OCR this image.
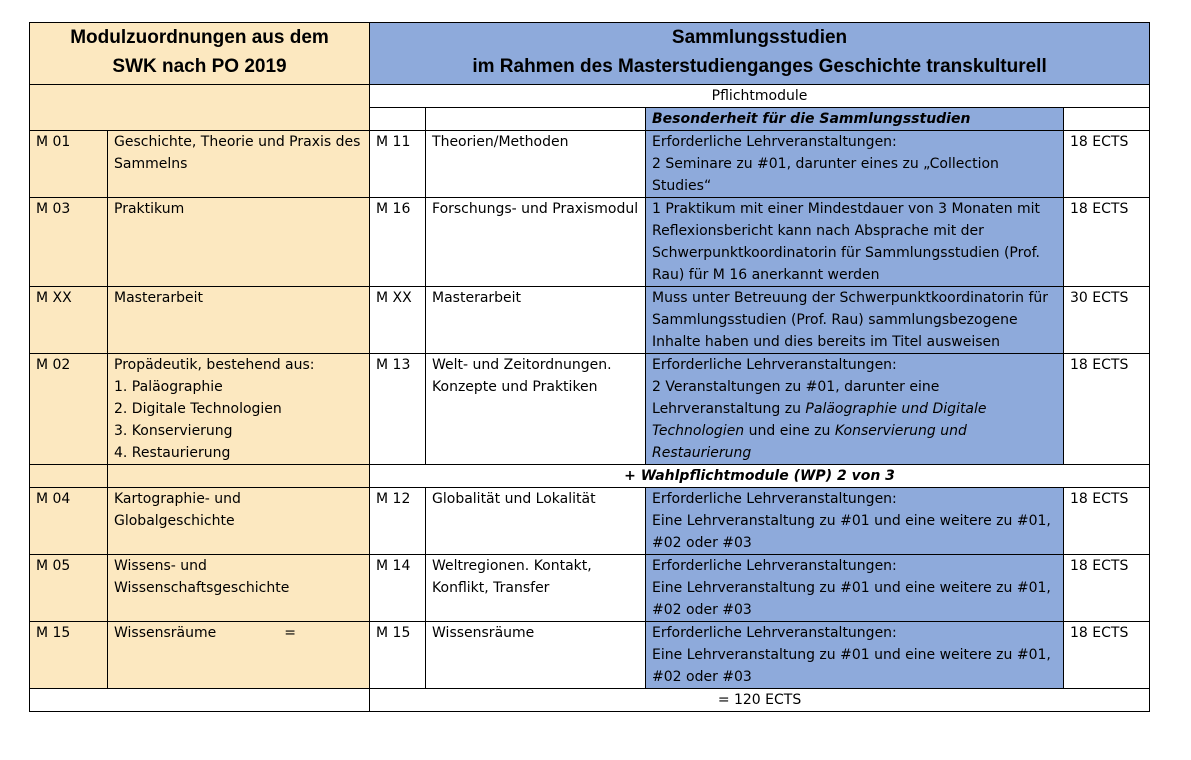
Modulzuordnungen aus dem
SWK nach PO 2019		Sammlungsstudien
im Rahmen des Masterstudienganges Geschichte transkulturell			

		Pflichtmodule			
				Besonderheit für die Sammlungsstudien	
M 01	Geschichte, Theorie und Praxis des Sammelns	M 11	Theorien/Methoden	Erforderliche Lehrveranstaltungen:
2 Seminare zu #01, darunter eines zu „Collection Studies“	18 ECTS
M 03	Praktikum	M 16	Forschungs- und Praxismodul	1 Praktikum mit einer Mindestdauer von 3 Monaten mit Reflexionsbericht kann nach Absprache mit der Schwerpunktkoordinatorin für Sammlungsstudien (Prof. Rau) für M 16 anerkannt werden	18 ECTS
M XX	Masterarbeit	M XX	Masterarbeit	Muss unter Betreuung der Schwerpunktkoordinatorin für Sammlungsstudien (Prof. Rau) sammlungsbezogene Inhalte haben und dies bereits im Titel ausweisen	30 ECTS
M 02	Propädeutik, bestehend aus:
1. Paläographie
2. Digitale Technologien
3. Konservierung
4. Restaurierung	M 13	Welt- und Zeitordnungen. Konzepte und Praktiken	Erforderliche Lehrveranstaltungen:
2 Veranstaltungen zu #01, darunter eine Lehrveranstaltung zu Paläographie und Digitale Technologien und eine zu Konservierung und Restaurierung	18 ECTS
		+ Wahlpflichtmodule (WP) 2 von 3			
M 04	Kartographie- und Globalgeschichte	M 12	Globalität und Lokalität	Erforderliche Lehrveranstaltungen:
Eine Lehrveranstaltung zu #01 und eine weitere zu #01, #02 oder #03	18 ECTS
M 05	Wissens- und Wissenschaftsgeschichte	M 14	Weltregionen. Kontakt, Konflikt, Transfer	Erforderliche Lehrveranstaltungen:
Eine Lehrveranstaltung zu #01 und eine weitere zu #01, #02 oder #03	18 ECTS
M 15	Wissensräume =	M 15	Wissensräume	Erforderliche Lehrveranstaltungen:
Eine Lehrveranstaltung zu #01 und eine weitere zu #01, #02 oder #03	18 ECTS
		= 120 ECTS			
